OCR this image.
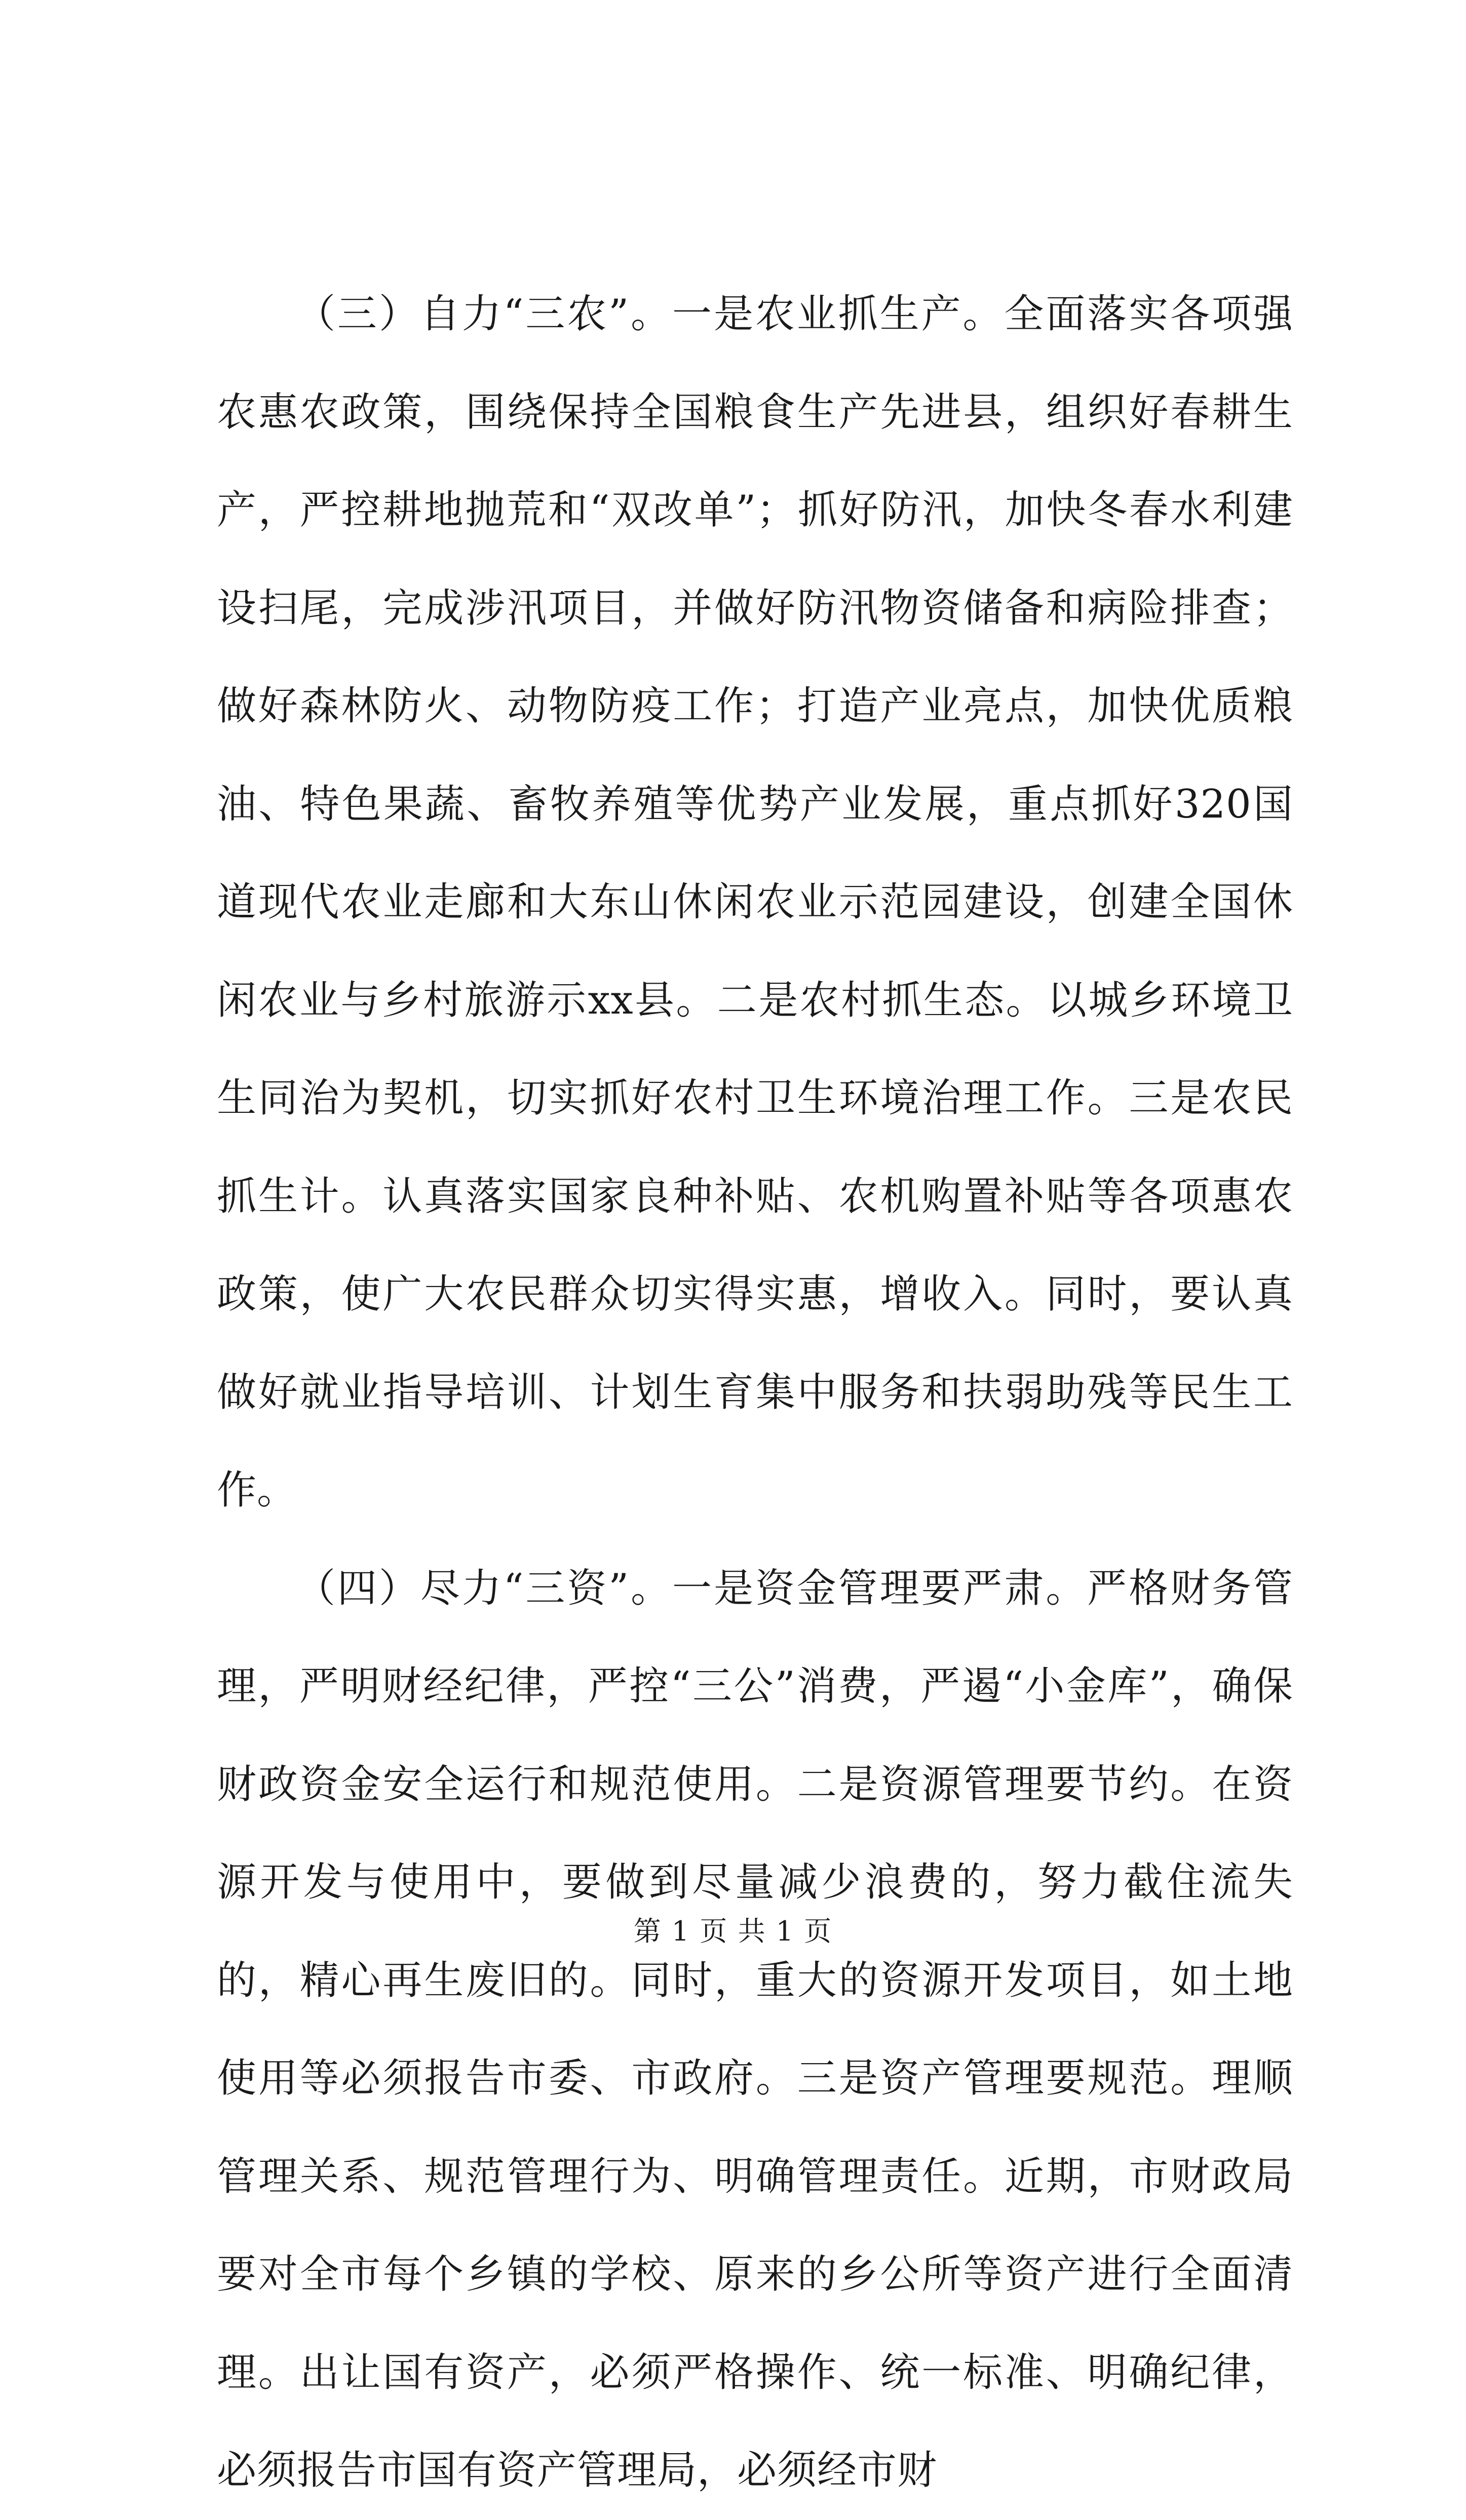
（三）自力“三农”。一是农业抓生产。全面落实各项强农惠农政策，围绕保持全国粮食生产先进县，组织好春耕生产，严控耕地抛荒和“双改单”；抓好防汛，加快冬春水利建设扫尾，完成涉汛项目，并做好防汛物资储备和病险排查；做好森林防火、动物防疫工作；打造产业亮点，加快优质粮油、特色果蔬、畜牧养殖等优势产业发展，重点抓好320国道现代农业走廊和大东山休闲农业示范园建设，创建全国休闲农业与乡村旅游示xx县。二是农村抓生态。以城乡环境卫生同治为契机，切实抓好农村卫生环境治理工作。三是农民抓生计。认真落实国家良种补贴、农机购置补贴等各项惠农政策，使广大农民群众切实得实惠，增收入。同时，要认真做好就业指导培训、计划生育集中服务和扶弱助残等民生工作。

（四）尽力“三资”。一是资金管理要严肃。严格财务管理，严明财经纪律，严控“三公”消费，严遏“小金库”，确保财政资金安全运行和规范使用。二是资源管理要节约。在资源开发与使用中，要做到尽量减少浪费的，努力截住流失的，精心再生废旧的。同时，重大的资源开发项目，如土地使用等必须报告市委、市政府。三是资产管理要规范。理顺管理关系、规范管理行为、明确管理责任。近期，市财政局要对全市每个乡镇的学校、原来的乡公所等资产进行全面清理。出让国有资产，必须严格操作、统一标准、明确纪律，必须报告市国有资产管理局，必须经市财

第 1 页 共 1 页
